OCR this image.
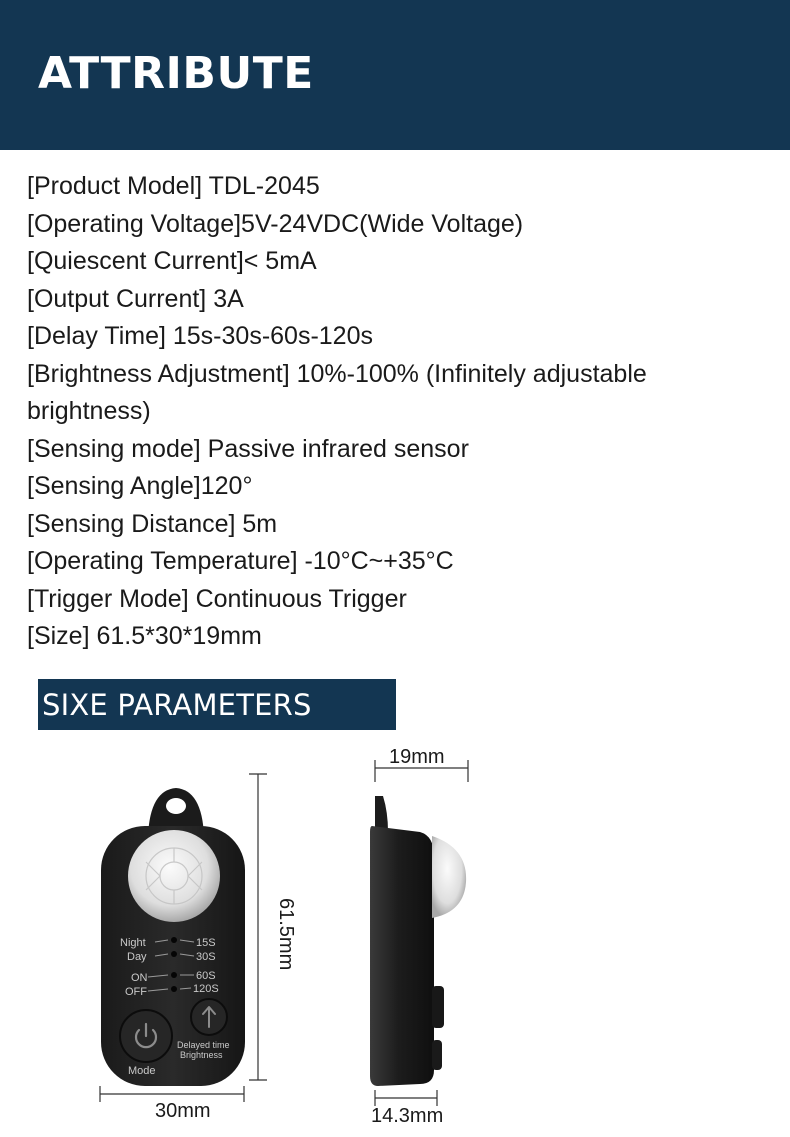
ATTRIBUTE
[Product Model] TDL-2045
[Operating Voltage]5V-24VDC(Wide Voltage)
[Quiescent Current]< 5mA
[Output Current] 3A
[Delay Time] 15s-30s-60s-120s
[Brightness Adjustment] 10%-100% (Infinitely adjustable
brightness)
[Sensing mode] Passive infrared sensor
[Sensing Angle]120°
[Sensing Distance] 5m
[Operating Temperature] -10°C~+35°C
[Trigger Mode] Continuous Trigger
[Size] 61.5*30*19mm
SIXE PARAMETERS
Night
Day
ON
OFF
15S
30S
60S
120S
Mode
Delayed time
Brightness
61.5mm
30mm
19mm
14.3mm
